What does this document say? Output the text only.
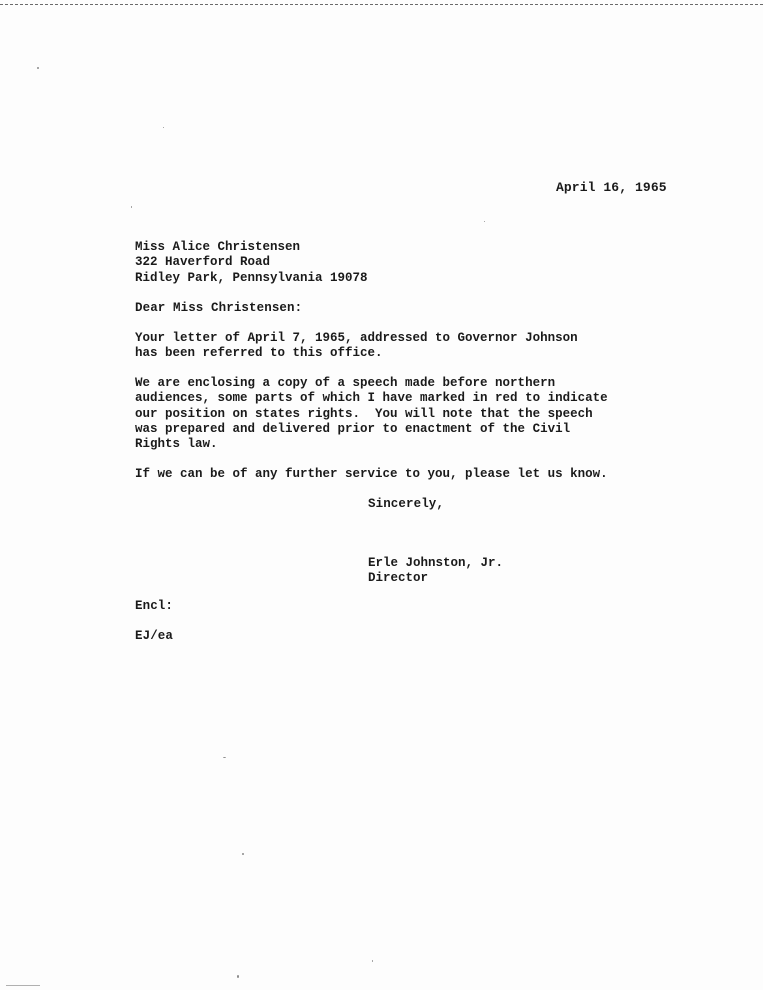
April 16, 1965
Miss Alice Christensen
322 Haverford Road
Ridley Park, Pennsylvania 19078
Dear Miss Christensen:
Your letter of April 7, 1965, addressed to Governor Johnson
has been referred to this office.
We are enclosing a copy of a speech made before northern
audiences, some parts of which I have marked in red to indicate
our position on states rights.  You will note that the speech
was prepared and delivered prior to enactment of the Civil
Rights law.
If we can be of any further service to you, please let us know.
Sincerely,
Erle Johnston, Jr.
Director
Encl:
EJ/ea
